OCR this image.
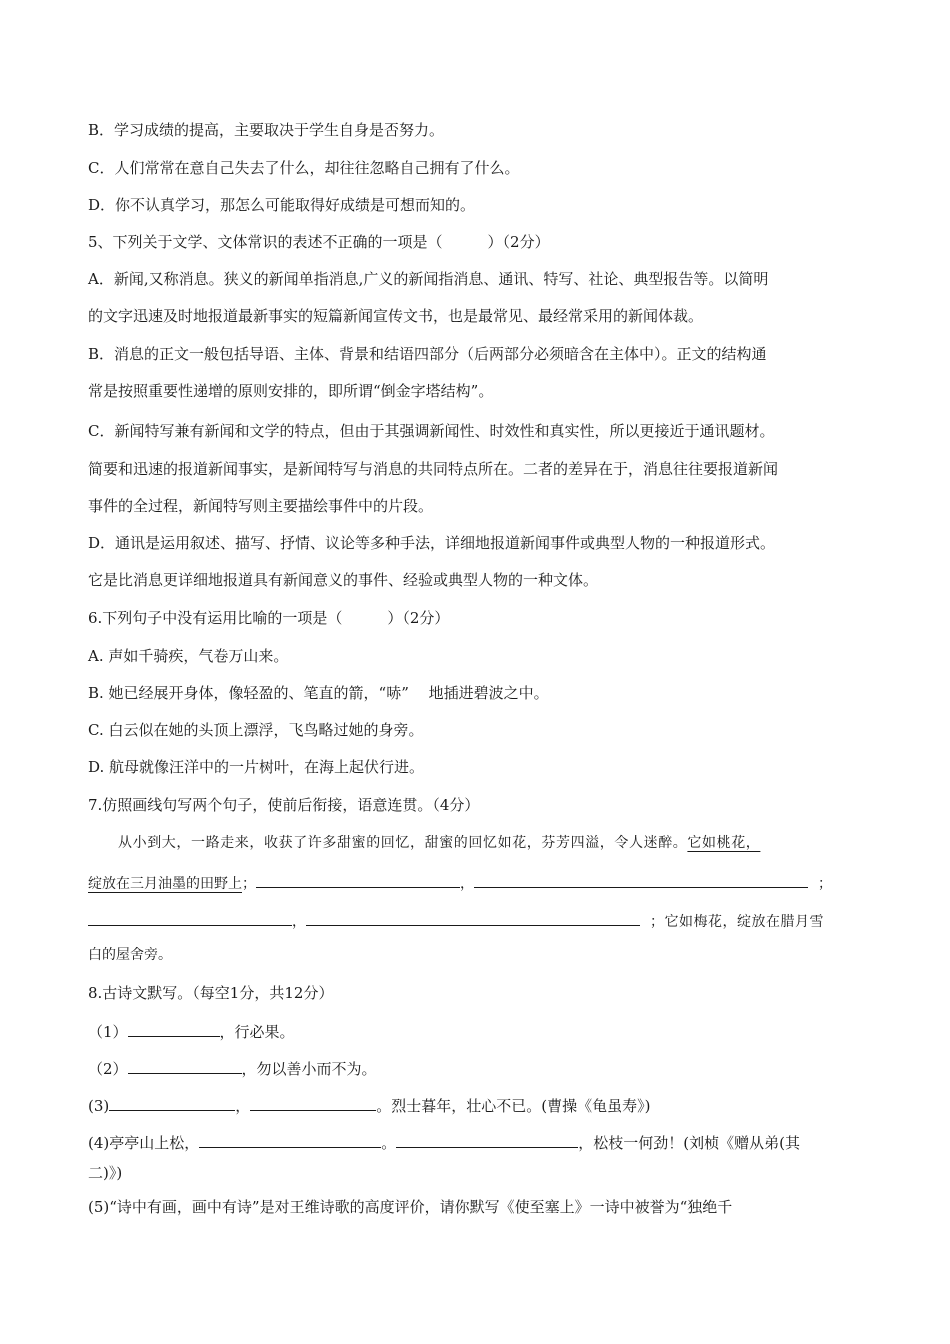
B．学习成绩的提高，主要取决于学生自身是否努力。
C．人们常常在意自己失去了什么，却往往忽略自己拥有了什么。
D．你不认真学习，那怎么可能取得好成绩是可想而知的。
5、下列关于文学、文体常识的表述不正确的一项是（　　　）（2分）
A．新闻,又称消息。狭义的新闻单指消息,广义的新闻指消息、通讯、特写、社论、典型报告等。以简明
的文字迅速及时地报道最新事实的短篇新闻宣传文书，也是最常见、最经常采用的新闻体裁。
B．消息的正文一般包括导语、主体、背景和结语四部分（后两部分必须暗含在主体中）。正文的结构通
常是按照重要性递增的原则安排的，即所谓“倒金字塔结构”。
C．新闻特写兼有新闻和文学的特点，但由于其强调新闻性、时效性和真实性，所以更接近于通讯题材。
简要和迅速的报道新闻事实，是新闻特写与消息的共同特点所在。二者的差异在于，消息往往要报道新闻
事件的全过程，新闻特写则主要描绘事件中的片段。
D．通讯是运用叙述、描写、抒情、议论等多种手法，详细地报道新闻事件或典型人物的一种报道形式。
它是比消息更详细地报道具有新闻意义的事件、经验或典型人物的一种文体。
6.下列句子中没有运用比喻的一项是（　　　）（2分）
A. 声如千骑疾，气卷万山来。
B. 她已经展开身体，像轻盈的、笔直的箭，“哧”　 地插进碧波之中。
C. 白云似在她的头顶上漂浮，飞鸟略过她的身旁。
D. 航母就像汪洋中的一片树叶，在海上起伏行进。
7.仿照画线句写两个句子，使前后衔接，语意连贯。（4分）
从小到大，一路走来，收获了许多甜蜜的回忆，甜蜜的回忆如花，芬芳四溢，令人迷醉。它如桃花，
绽放在三月油墨的田野上；	，	；
，	；它如梅花，绽放在腊月雪
白的屋舍旁。
8.古诗文默写。（每空1分，共12分）
（1）	，行必果。
（2）	，勿以善小而不为。
(3)	，	。烈士暮年，壮心不已。(曹操《龟虽寿》)
(4)亭亭山上松，	。	，松枝一何劲！(刘桢《赠从弟(其
二)》)
(5)“诗中有画，画中有诗”是对王维诗歌的高度评价，请你默写《使至塞上》一诗中被誉为“独绝千
